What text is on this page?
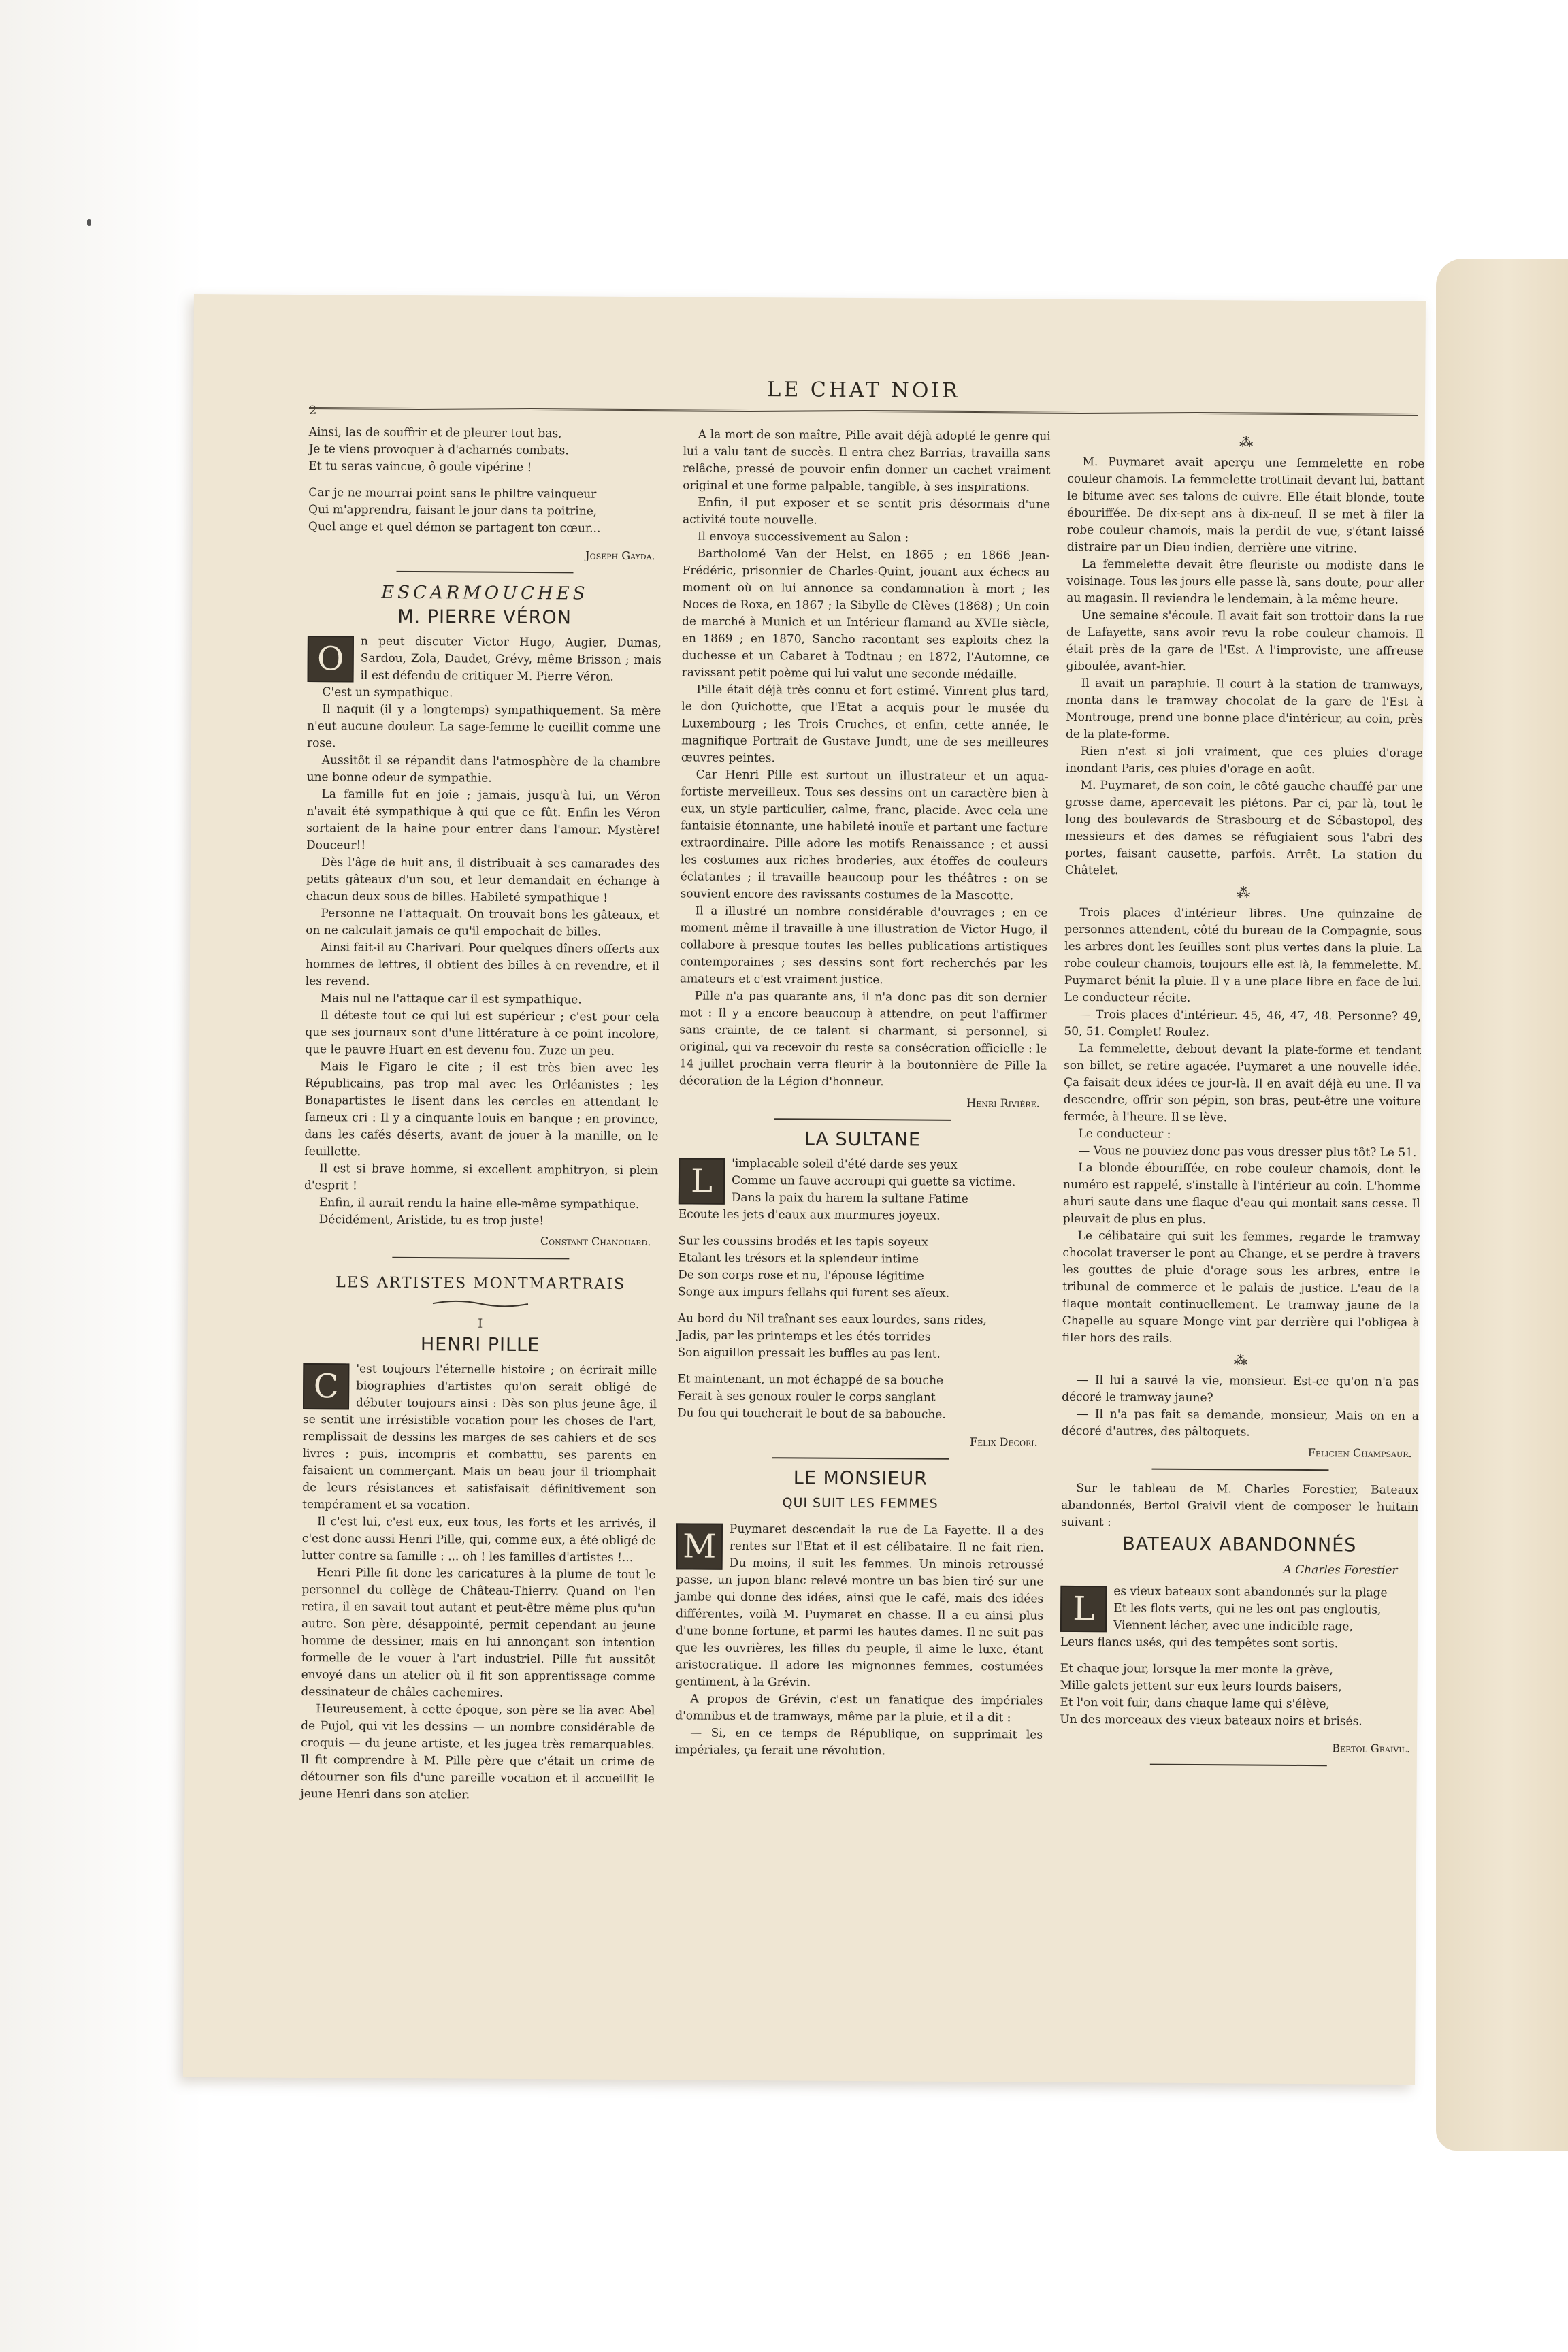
2
LE CHAT NOIR
Ainsi, las de souffrir et de pleurer tout bas,
Je te viens provoquer à d'acharnés combats.
Et tu seras vaincue, ô goule vipérine !
Car je ne mourrai point sans le philtre vainqueur
Qui m'apprendra, faisant le jour dans ta poitrine,
Quel ange et quel démon se partagent ton cœur...
Joseph Gayda.
ESCARMOUCHES
M. PIERRE VÉRON
O	n peut discuter Victor Hugo, Augier, Dumas, Sardou, Zola, Daudet, Grévy, même Brisson ; mais il est défendu de critiquer M. Pierre Véron.

C'est un sympathique.

Il naquit (il y a longtemps) sympathiquement. Sa mère n'eut aucune douleur. La sage-femme le cueillit comme une rose.

Aussitôt il se répandit dans l'atmosphère de la chambre une bonne odeur de sympathie.

La famille fut en joie ; jamais, jusqu'à lui, un Véron n'avait été sympathique à qui que ce fût. Enfin les Véron sortaient de la haine pour entrer dans l'amour. Mystère! Douceur!!

Dès l'âge de huit ans, il distribuait à ses camarades des petits gâteaux d'un sou, et leur demandait en échange à chacun deux sous de billes. Habileté sympathique !

Personne ne l'attaquait. On trouvait bons les gâteaux, et on ne calculait jamais ce qu'il empochait de billes.

Ainsi fait-il au Charivari. Pour quelques dîners offerts aux hommes de lettres, il obtient des billes à en revendre, et il les revend.

Mais nul ne l'attaque car il est sympathique.

Il déteste tout ce qui lui est supérieur ; c'est pour cela que ses journaux sont d'une littérature à ce point incolore, que le pauvre Huart en est devenu fou. Zuze un peu.

Mais le Figaro le cite ; il est très bien avec les Républicains, pas trop mal avec les Orléanistes ; les Bonapartistes le lisent dans les cercles en attendant le fameux cri : Il y a cinquante louis en banque ; en province, dans les cafés déserts, avant de jouer à la manille, on le feuillette.

Il est si brave homme, si excellent amphitryon, si plein d'esprit !

Enfin, il aurait rendu la haine elle-même sympathique.

Décidément, Aristide, tu es trop juste!

Constant Chanouard.
LES ARTISTES MONTMARTRAIS
I
HENRI PILLE
C	'est toujours l'éternelle histoire ; on écrirait mille biographies d'artistes qu'on serait obligé de débuter toujours ainsi : Dès son plus jeune âge, il se sentit une irrésistible vocation pour les choses de l'art, remplissait de dessins les marges de ses cahiers et de ses livres ; puis, incompris et combattu, ses parents en faisaient un commerçant. Mais un beau jour il triomphait de leurs résistances et satisfaisait définitivement son tempérament et sa vocation.

Il c'est lui, c'est eux, eux tous, les forts et les arrivés, il c'est donc aussi Henri Pille, qui, comme eux, a été obligé de lutter contre sa famille : ... oh ! les familles d'artistes !...

Henri Pille fit donc les caricatures à la plume de tout le personnel du collège de Château-Thierry. Quand on l'en retira, il en savait tout autant et peut-être même plus qu'un autre. Son père, désappointé, permit cependant au jeune homme de dessiner, mais en lui annonçant son intention formelle de le vouer à l'art industriel. Pille fut aussitôt envoyé dans un atelier où il fit son apprentissage comme dessinateur de châles cachemires.

Heureusement, à cette époque, son père se lia avec Abel de Pujol, qui vit les dessins — un nombre considérable de croquis — du jeune artiste, et les jugea très remarquables. Il fit comprendre à M. Pille père que c'était un crime de détourner son fils d'une pareille vocation et il accueillit le jeune Henri dans son atelier.

A la mort de son maître, Pille avait déjà adopté le genre qui lui a valu tant de succès. Il entra chez Barrias, travailla sans relâche, pressé de pouvoir enfin donner un cachet vraiment original et une forme palpable, tangible, à ses inspirations.

Enfin, il put exposer et se sentit pris désormais d'une activité toute nouvelle.

Il envoya successivement au Salon :

Bartholomé Van der Helst, en 1865 ; en 1866 Jean-Frédéric, prisonnier de Charles-Quint, jouant aux échecs au moment où on lui annonce sa condamnation à mort ; les Noces de Roxa, en 1867 ; la Sibylle de Clèves (1868) ; Un coin de marché à Munich et un Intérieur flamand au XVIIe siècle, en 1869 ; en 1870, Sancho racontant ses exploits chez la duchesse et un Cabaret à Todtnau ; en 1872, l'Automne, ce ravissant petit poème qui lui valut une seconde médaille.

Pille était déjà très connu et fort estimé. Vinrent plus tard, le don Quichotte, que l'Etat a acquis pour le musée du Luxembourg ; les Trois Cruches, et enfin, cette année, le magnifique Portrait de Gustave Jundt, une de ses meilleures œuvres peintes.

Car Henri Pille est surtout un illustrateur et un aqua-fortiste merveilleux. Tous ses dessins ont un caractère bien à eux, un style particulier, calme, franc, placide. Avec cela une fantaisie étonnante, une habileté inouïe et partant une facture extraordinaire. Pille adore les motifs Renaissance ; et aussi les costumes aux riches broderies, aux étoffes de couleurs éclatantes ; il travaille beaucoup pour les théâtres : on se souvient encore des ravissants costumes de la Mascotte.

Il a illustré un nombre considérable d'ouvrages ; en ce moment même il travaille à une illustration de Victor Hugo, il collabore à presque toutes les belles publications artistiques contemporaines ; ses dessins sont fort recherchés par les amateurs et c'est vraiment justice.

Pille n'a pas quarante ans, il n'a donc pas dit son dernier mot : Il y a encore beaucoup à attendre, on peut l'affirmer sans crainte, de ce talent si charmant, si personnel, si original, qui va recevoir du reste sa consécration officielle : le 14 juillet prochain verra fleurir à la boutonnière de Pille la décoration de la Légion d'honneur.

Henri Rivière.
LA SULTANE
L	'implacable soleil d'été darde ses yeux
Comme un fauve accroupi qui guette sa victime.
Dans la paix du harem la sultane Fatime
Ecoute les jets d'eaux aux murmures joyeux.
Sur les coussins brodés et les tapis soyeux
Etalant les trésors et la splendeur intime
De son corps rose et nu, l'épouse légitime
Songe aux impurs fellahs qui furent ses aïeux.
Au bord du Nil traînant ses eaux lourdes, sans rides,
Jadis, par les printemps et les étés torrides
Son aiguillon pressait les buffles au pas lent.
Et maintenant, un mot échappé de sa bouche
Ferait à ses genoux rouler le corps sanglant
Du fou qui toucherait le bout de sa babouche.
Félix Décori.
LE MONSIEUR
QUI SUIT LES FEMMES
M	Puymaret descendait la rue de La Fayette. Il a des rentes sur l'Etat et il est célibataire. Il ne fait rien. Du moins, il suit les femmes. Un minois retroussé passe, un jupon blanc relevé montre un bas bien tiré sur une jambe qui donne des idées, ainsi que le café, mais des idées différentes, voilà M. Puymaret en chasse. Il a eu ainsi plus d'une bonne fortune, et parmi les hautes dames. Il ne suit pas que les ouvrières, les filles du peuple, il aime le luxe, étant aristocratique. Il adore les mignonnes femmes, costumées gentiment, à la Grévin.

A propos de Grévin, c'est un fanatique des impériales d'omnibus et de tramways, même par la pluie, et il a dit :

— Si, en ce temps de République, on supprimait les impériales, ça ferait une révolution.

⁂

M. Puymaret avait aperçu une femmelette en robe couleur chamois. La femmelette trottinait devant lui, battant le bitume avec ses talons de cuivre. Elle était blonde, toute ébouriffée. De dix-sept ans à dix-neuf. Il se met à filer la robe couleur chamois, mais la perdit de vue, s'étant laissé distraire par un Dieu indien, derrière une vitrine.

La femmelette devait être fleuriste ou modiste dans le voisinage. Tous les jours elle passe là, sans doute, pour aller au magasin. Il reviendra le lendemain, à la même heure.

Une semaine s'écoule. Il avait fait son trottoir dans la rue de Lafayette, sans avoir revu la robe couleur chamois. Il était près de la gare de l'Est. A l'improviste, une affreuse giboulée, avant-hier.

Il avait un parapluie. Il court à la station de tramways, monta dans le tramway chocolat de la gare de l'Est à Montrouge, prend une bonne place d'intérieur, au coin, près de la plate-forme.

Rien n'est si joli vraiment, que ces pluies d'orage inondant Paris, ces pluies d'orage en août.

M. Puymaret, de son coin, le côté gauche chauffé par une grosse dame, apercevait les piétons. Par ci, par là, tout le long des boulevards de Strasbourg et de Sébastopol, des messieurs et des dames se réfugiaient sous l'abri des portes, faisant causette, parfois. Arrêt. La station du Châtelet.

⁂

Trois places d'intérieur libres. Une quinzaine de personnes attendent, côté du bureau de la Compagnie, sous les arbres dont les feuilles sont plus vertes dans la pluie. La robe couleur chamois, toujours elle est là, la femmelette. M. Puymaret bénit la pluie. Il y a une place libre en face de lui. Le conducteur récite.

— Trois places d'intérieur. 45, 46, 47, 48. Personne? 49, 50, 51. Complet! Roulez.

La femmelette, debout devant la plate-forme et tendant son billet, se retire agacée. Puymaret a une nouvelle idée. Ça faisait deux idées ce jour-là. Il en avait déjà eu une. Il va descendre, offrir son pépin, son bras, peut-être une voiture fermée, à l'heure. Il se lève.

Le conducteur :

— Vous ne pouviez donc pas vous dresser plus tôt? Le 51.

La blonde ébouriffée, en robe couleur chamois, dont le numéro est rappelé, s'installe à l'intérieur au coin. L'homme ahuri saute dans une flaque d'eau qui montait sans cesse. Il pleuvait de plus en plus.

Le célibataire qui suit les femmes, regarde le tramway chocolat traverser le pont au Change, et se perdre à travers les gouttes de pluie d'orage sous les arbres, entre le tribunal de commerce et le palais de justice. L'eau de la flaque montait continuellement. Le tramway jaune de la Chapelle au square Monge vint par derrière qui l'obligea à filer hors des rails.

⁂

— Il lui a sauvé la vie, monsieur. Est-ce qu'on n'a pas décoré le tramway jaune?

— Il n'a pas fait sa demande, monsieur, Mais on en a décoré d'autres, des pâltoquets.

Félicien Champsaur.

Sur le tableau de M. Charles Forestier, Bateaux abandonnés, Bertol Graivil vient de composer le huitain suivant :

BATEAUX ABANDONNÉS
A Charles Forestier
L	es vieux bateaux sont abandonnés sur la plage
Et les flots verts, qui ne les ont pas engloutis,
Viennent lécher, avec une indicible rage,
Leurs flancs usés, qui des tempêtes sont sortis.
Et chaque jour, lorsque la mer monte la grève,
Mille galets jettent sur eux leurs lourds baisers,
Et l'on voit fuir, dans chaque lame qui s'élève,
Un des morceaux des vieux bateaux noirs et brisés.
Bertol Graivil.
